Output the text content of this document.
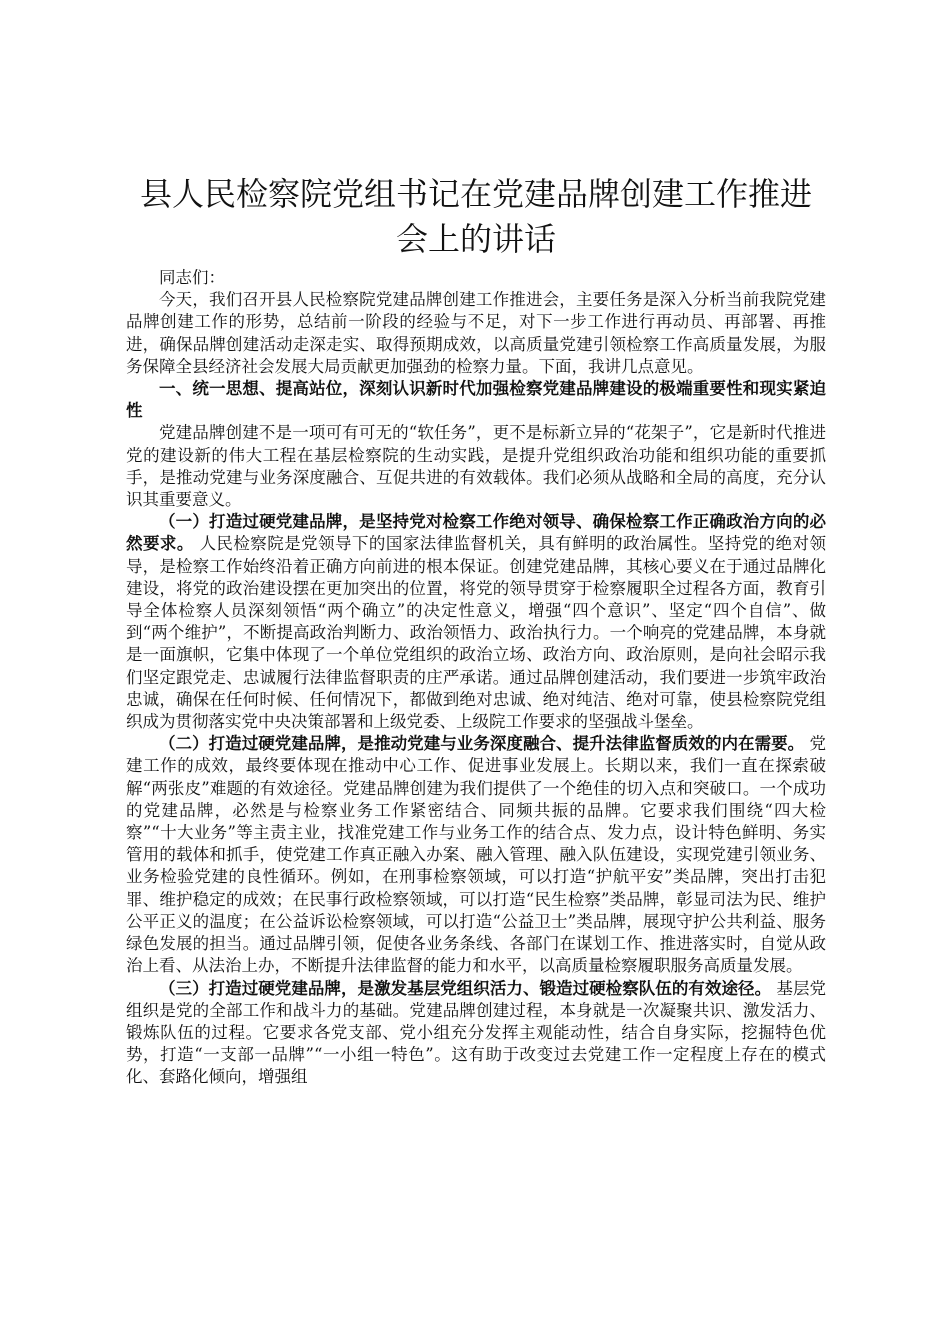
县人民检察院党组书记在党建品牌创建工作推进会上的讲话

同志们：

今天，我们召开县人民检察院党建品牌创建工作推进会，主要任务是深入分析当前我院党建品牌创建工作的形势，总结前一阶段的经验与不足，对下一步工作进行再动员、再部署、再推进，确保品牌创建活动走深走实、取得预期成效，以高质量党建引领检察工作高质量发展，为服务保障全县经济社会发展大局贡献更加强劲的检察力量。下面，我讲几点意见。

一、统一思想、提高站位，深刻认识新时代加强检察党建品牌建设的极端重要性和现实紧迫性

党建品牌创建不是一项可有可无的“软任务”，更不是标新立异的“花架子”，它是新时代推进党的建设新的伟大工程在基层检察院的生动实践，是提升党组织政治功能和组织功能的重要抓手，是推动党建与业务深度融合、互促共进的有效载体。我们必须从战略和全局的高度，充分认识其重要意义。

（一）打造过硬党建品牌，是坚持党对检察工作绝对领导、确保检察工作正确政治方向的必然要求。 人民检察院是党领导下的国家法律监督机关，具有鲜明的政治属性。坚持党的绝对领导，是检察工作始终沿着正确方向前进的根本保证。创建党建品牌，其核心要义在于通过品牌化建设，将党的政治建设摆在更加突出的位置，将党的领导贯穿于检察履职全过程各方面，教育引导全体检察人员深刻领悟“两个确立”的决定性意义，增强“四个意识”、坚定“四个自信”、做到“两个维护”，不断提高政治判断力、政治领悟力、政治执行力。一个响亮的党建品牌，本身就是一面旗帜，它集中体现了一个单位党组织的政治立场、政治方向、政治原则，是向社会昭示我们坚定跟党走、忠诚履行法律监督职责的庄严承诺。通过品牌创建活动，我们要进一步筑牢政治忠诚，确保在任何时候、任何情况下，都做到绝对忠诚、绝对纯洁、绝对可靠，使县检察院党组织成为贯彻落实党中央决策部署和上级党委、上级院工作要求的坚强战斗堡垒。

（二）打造过硬党建品牌，是推动党建与业务深度融合、提升法律监督质效的内在需要。 党建工作的成效，最终要体现在推动中心工作、促进事业发展上。长期以来，我们一直在探索破解“两张皮”难题的有效途径。党建品牌创建为我们提供了一个绝佳的切入点和突破口。一个成功的党建品牌，必然是与检察业务工作紧密结合、同频共振的品牌。它要求我们围绕“四大检察”“十大业务”等主责主业，找准党建工作与业务工作的结合点、发力点，设计特色鲜明、务实管用的载体和抓手，使党建工作真正融入办案、融入管理、融入队伍建设，实现党建引领业务、业务检验党建的良性循环。例如，在刑事检察领域，可以打造“护航平安”类品牌，突出打击犯罪、维护稳定的成效；在民事行政检察领域，可以打造“民生检察”类品牌，彰显司法为民、维护公平正义的温度；在公益诉讼检察领域，可以打造“公益卫士”类品牌，展现守护公共利益、服务绿色发展的担当。通过品牌引领，促使各业务条线、各部门在谋划工作、推进落实时，自觉从政治上看、从法治上办，不断提升法律监督的能力和水平，以高质量检察履职服务高质量发展。

（三）打造过硬党建品牌，是激发基层党组织活力、锻造过硬检察队伍的有效途径。 基层党组织是党的全部工作和战斗力的基础。党建品牌创建过程，本身就是一次凝聚共识、激发活力、锻炼队伍的过程。它要求各党支部、党小组充分发挥主观能动性，结合自身实际，挖掘特色优势，打造“一支部一品牌”“一小组一特色”。这有助于改变过去党建工作一定程度上存在的模式化、套路化倾向，增强组
